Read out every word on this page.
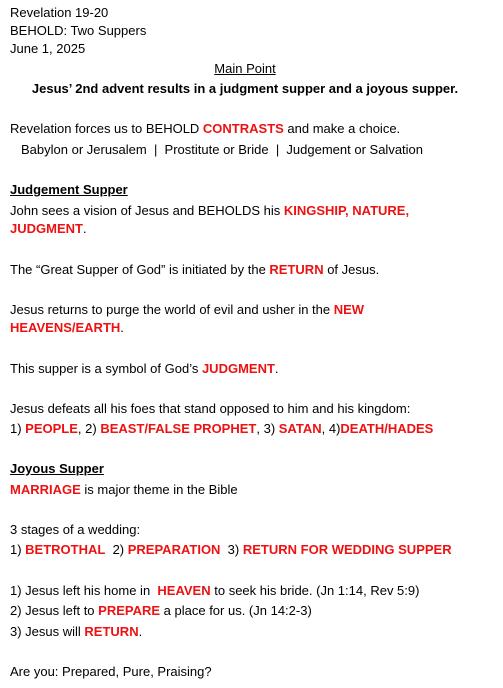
Revelation 19-20
BEHOLD: Two Suppers
June 1, 2025
Main Point
Jesus’ 2nd advent results in a judgment supper and a joyous supper.
Revelation forces us to BEHOLD CONTRASTS and make a choice.
Babylon or Jerusalem  |  Prostitute or Bride  |  Judgement or Salvation
Judgement Supper
John sees a vision of Jesus and BEHOLDS his KINGSHIP, NATURE,
JUDGMENT.
The “Great Supper of God” is initiated by the RETURN of Jesus.
Jesus returns to purge the world of evil and usher in the NEW
HEAVENS/EARTH.
This supper is a symbol of God’s JUDGMENT.
Jesus defeats all his foes that stand opposed to him and his kingdom:
1) PEOPLE, 2) BEAST/FALSE PROPHET, 3) SATAN, 4)DEATH/HADES
Joyous Supper
MARRIAGE is major theme in the Bible
3 stages of a wedding:
1) BETROTHAL  2) PREPARATION  3) RETURN FOR WEDDING SUPPER
1) Jesus left his home in  HEAVEN to seek his bride. (Jn 1:14, Rev 5:9)
2) Jesus left to PREPARE a place for us. (Jn 14:2-3)
3) Jesus will RETURN.
Are you: Prepared, Pure, Praising?
